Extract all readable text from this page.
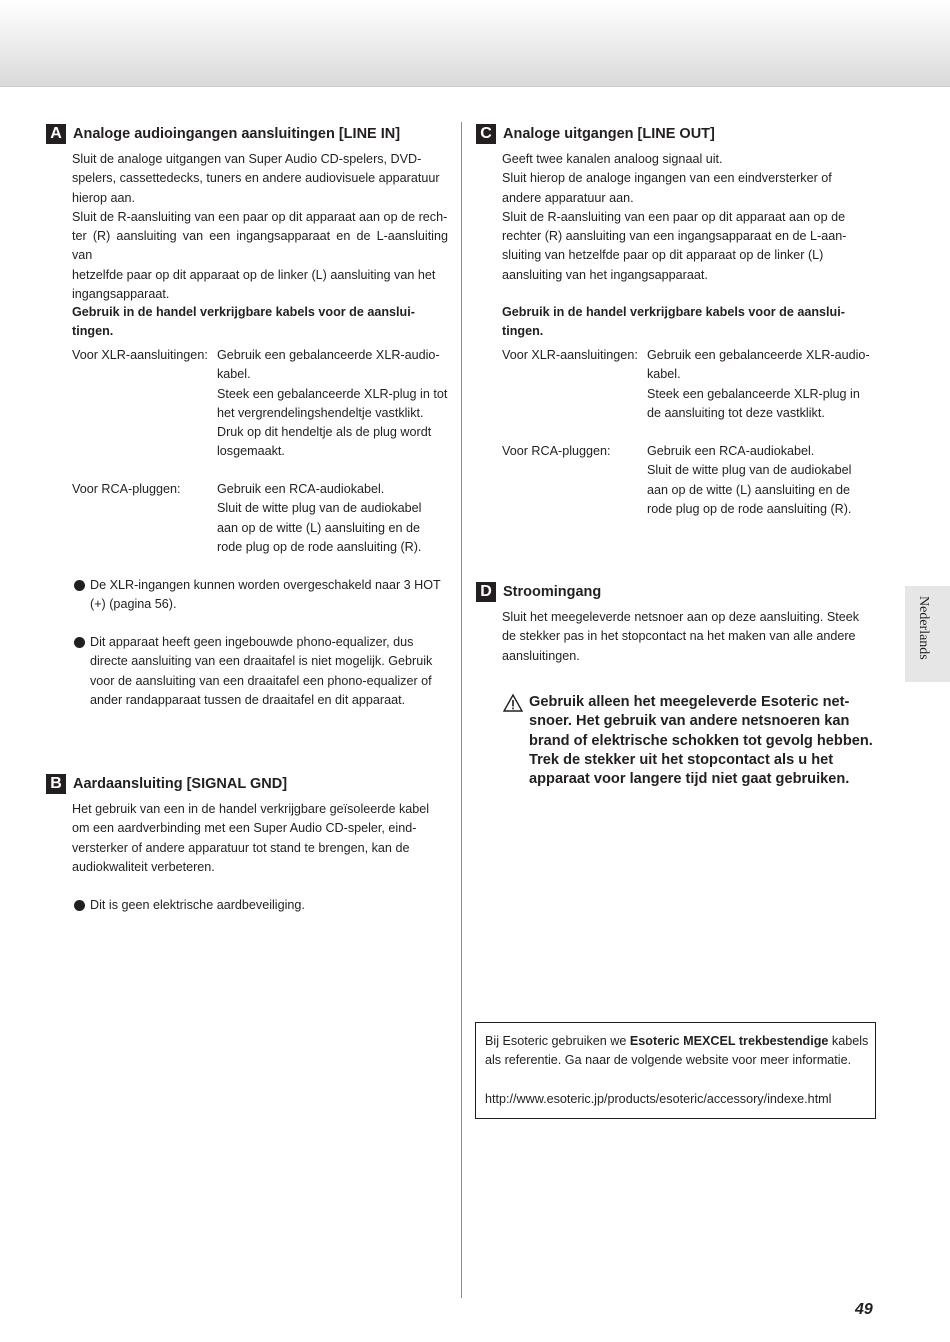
A Analoge audioingangen aansluitingen [LINE IN]
Sluit de analoge uitgangen van Super Audio CD-spelers, DVD-
spelers, cassettedecks, tuners en andere audiovisuele apparatuur
hierop aan.
Sluit de R-aansluiting van een paar op dit apparaat aan op de rech-
ter (R) aansluiting van een ingangsapparaat en de L-aansluiting van
hetzelfde paar op dit apparaat op de linker (L) aansluiting van het
ingangsapparaat.
Gebruik in de handel verkrijgbare kabels voor de aanslui-
tingen.
Voor XLR-aansluitingen: Gebruik een gebalanceerde XLR-audio-
kabel.
Steek een gebalanceerde XLR-plug in tot
het vergrendelingshendeltje vastklikt.
Druk op dit hendeltje als de plug wordt
losgemaakt.
Voor RCA-pluggen:	Gebruik een RCA-audiokabel.
Sluit de witte plug van de audiokabel
aan op de witte (L) aansluiting en de
rode plug op de rode aansluiting (R).
De XLR-ingangen kunnen worden overgeschakeld naar 3 HOT
(+) (pagina 56).
Dit apparaat heeft geen ingebouwde phono-equalizer, dus
directe aansluiting van een draaitafel is niet mogelijk. Gebruik
voor de aansluiting van een draaitafel een phono-equalizer of
ander randapparaat tussen de draaitafel en dit apparaat.
B Aardaansluiting [SIGNAL GND]
Het gebruik van een in de handel verkrijgbare geïsoleerde kabel
om een aardverbinding met een Super Audio CD-speler, eind-
versterker of andere apparatuur tot stand te brengen, kan de
audiokwaliteit verbeteren.
Dit is geen elektrische aardbeveiliging.
C Analoge uitgangen [LINE OUT]
Geeft twee kanalen analoog signaal uit.
Sluit hierop de analoge ingangen van een eindversterker of
andere apparatuur aan.
Sluit de R-aansluiting van een paar op dit apparaat aan op de
rechter (R) aansluiting van een ingangsapparaat en de L-aan-
sluiting van hetzelfde paar op dit apparaat op de linker (L)
aansluiting van het ingangsapparaat.
Gebruik in de handel verkrijgbare kabels voor de aanslui-
tingen.
Voor XLR-aansluitingen: Gebruik een gebalanceerde XLR-audio-
kabel.
Steek een gebalanceerde XLR-plug in
de aansluiting tot deze vastklikt.
Voor RCA-pluggen:	Gebruik een RCA-audiokabel.
Sluit de witte plug van de audiokabel
aan op de witte (L) aansluiting en de
rode plug op de rode aansluiting (R).
D Stroomingang
Sluit het meegeleverde netsnoer aan op deze aansluiting. Steek
de stekker pas in het stopcontact na het maken van alle andere
aansluitingen.
Gebruik alleen het meegeleverde Esoteric net-
snoer. Het gebruik van andere netsnoeren kan
brand of elektrische schokken tot gevolg hebben.
Trek de stekker uit het stopcontact als u het
apparaat voor langere tijd niet gaat gebruiken.
Bij Esoteric gebruiken we Esoteric MEXCEL trekbestendige kabels
als referentie. Ga naar de volgende website voor meer informatie.
http://www.esoteric.jp/products/esoteric/accessory/indexe.html
Nederlands
49
